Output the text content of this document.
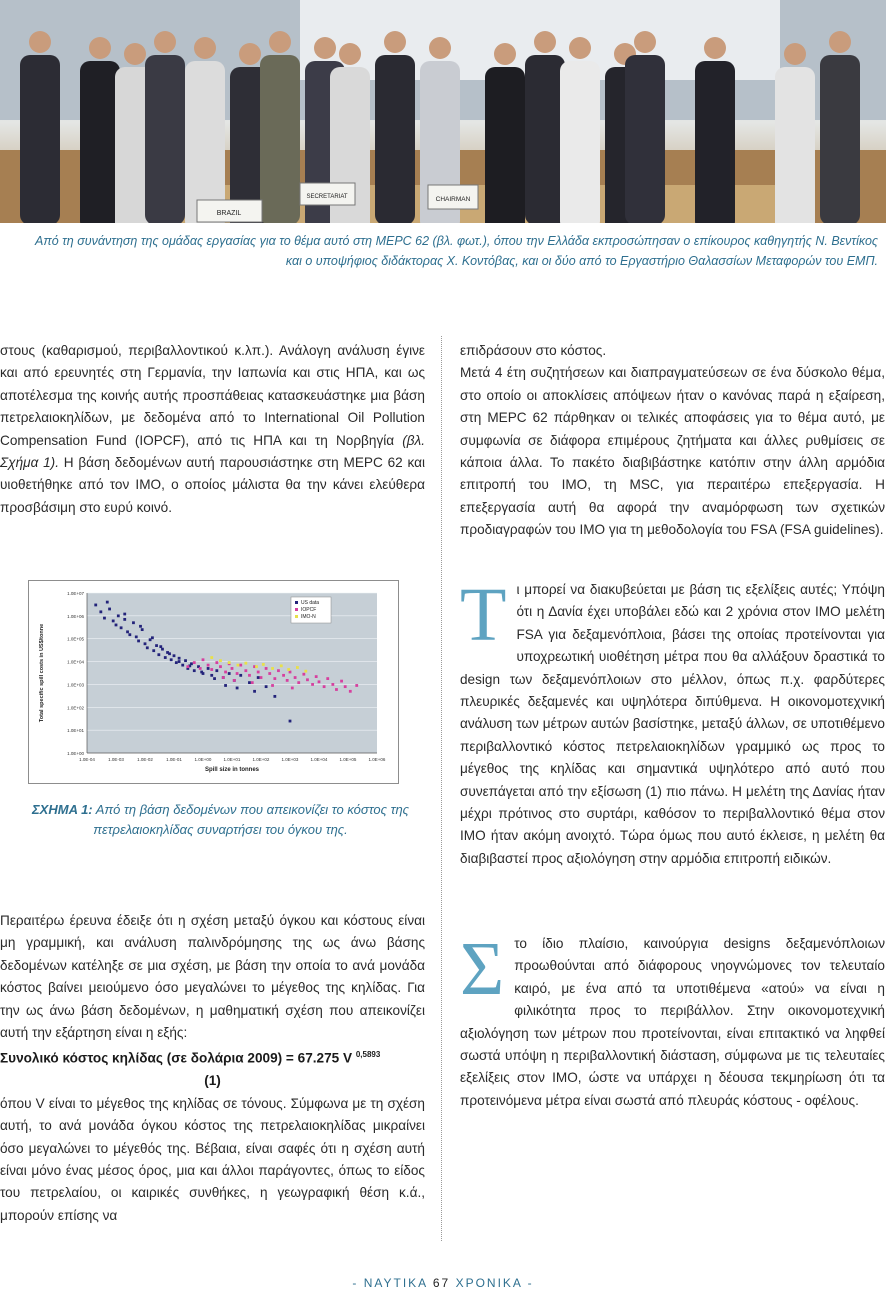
BRAZIL
SECRETARIAT	CHAIRMAN
Από τη συνάντηση της ομάδας εργασίας για το θέμα αυτό στη MEPC 62 (βλ. φωτ.), όπου την Ελλάδα εκπροσώπησαν ο επίκουρος καθηγητής Ν. Βεντίκος και ο υποψήφιος διδάκτορας Χ. Κοντόβας, και οι δύο από το Εργαστήριο Θαλασσίων Μεταφορών του ΕΜΠ.

στους (καθαρισμού, περιβαλλοντικού κ.λπ.). Ανάλογη ανάλυση έγινε και από ερευνητές στη Γερμανία, την Ιαπωνία και στις ΗΠΑ, και ως αποτέλεσμα της κοινής αυτής προσπάθειας κατασκευάστηκε μια βάση πετρελαιοκηλίδων, με δεδομένα από το International Oil Pollution Compensation Fund (IOPCF), από τις ΗΠΑ και τη Νορβηγία (βλ. Σχήμα 1). Η βάση δεδομένων αυτή παρουσιάστηκε στη MEPC 62 και υιοθετήθηκε από τον IMO, ο οποίος μάλιστα θα την κάνει ελεύθερα προσβάσιμη στο ευρύ κοινό.

1.0E+00
1.0E+01
1.0E+02
1.0E+03
1.0E+04
1.0E+05
1.0E+06
1.0E+07
1.0E-04	1.0E-03	1.0E-02	1.0E-01	1.0E+00	1.0E+01	1.0E+02	1.0E+03	1.0E+04	1.0E+05	1.0E+06
Spill size in tonnes
Total specific spill costs in US$/tonne
US data
IOPCF
IMO-N
ΣΧΗΜΑ 1: Από τη βάση δεδομένων που απεικονίζει το κόστος της πετρελαιοκηλίδας συναρτήσει του όγκου της.

Περαιτέρω έρευνα έδειξε ότι η σχέση μεταξύ όγκου και κόστους είναι μη γραμμική, και ανάλυση παλινδρόμησης της ως άνω βάσης δεδομένων κατέληξε σε μια σχέση, με βάση την οποία το ανά μονάδα κόστος βαίνει μειούμενο όσο μεγαλώνει το μέγεθος της κηλίδας. Για την ως άνω βάση δεδομένων, η μαθηματική σχέση που απεικονίζει αυτή την εξάρτηση είναι η εξής:

Συνολικό κόστος κηλίδας (σε δολάρια 2009) = 67.275 V $^{0,5893}$

(1)

όπου V είναι το μέγεθος της κηλίδας σε τόνους. Σύμφωνα με τη σχέση αυτή, το ανά μονάδα όγκου κόστος της πετρελαιοκηλίδας μικραίνει όσο μεγαλώνει το μέγεθός της. Βέβαια, είναι σαφές ότι η σχέση αυτή είναι μόνο ένας μέσος όρος, μια και άλλοι παράγοντες, όπως το είδος του πετρελαίου, οι καιρικές συνθήκες, η γεωγραφική θέση κ.ά., μπορούν επίσης να

επιδράσουν στο κόστος.

Μετά 4 έτη συζητήσεων και διαπραγματεύσεων σε ένα δύσκολο θέμα, στο οποίο οι αποκλίσεις απόψεων ήταν ο κανόνας παρά η εξαίρεση, στη MEPC 62 πάρθηκαν οι τελικές αποφάσεις για το θέμα αυτό, με συμφωνία σε διάφορα επιμέρους ζητήματα και άλλες ρυθμίσεις σε κάποια άλλα. Το πακέτο διαβιβάστηκε κατόπιν στην άλλη αρμόδια επιτροπή του IMO, τη MSC, για περαιτέρω επεξεργασία. Η επεξεργασία αυτή θα αφορά την αναμόρφωση των σχετικών προδιαγραφών του IMO για τη μεθοδολογία του FSA (FSA guidelines).

Τ ι μπορεί να διακυβεύεται με βάση τις εξελίξεις αυτές; Υπόψη ότι η Δανία έχει υποβάλει εδώ και 2 χρόνια στον IMO μελέτη FSA για δεξαμενόπλοια, βάσει της οποίας προτείνονται για υποχρεωτική υιοθέτηση μέτρα που θα αλλάξουν δραστικά το design των δεξαμενόπλοιων στο μέλλον, όπως π.χ. φαρδύτερες πλευρικές δεξαμενές και υψηλότερα διπύθμενα. Η οικονομοτεχνική ανάλυση των μέτρων αυτών βασίστηκε, μεταξύ άλλων, σε υποτιθέμενο περιβαλλοντικό κόστος πετρελαιοκηλίδων γραμμικό ως προς το μέγεθος της κηλίδας και σημαντικά υψηλότερο από αυτό που συνεπάγεται από την εξίσωση (1) πιο πάνω. Η μελέτη της Δανίας ήταν μέχρι πρότινος στο συρτάρι, καθόσον το περιβαλλοντικό θέμα στον IMO ήταν ακόμη ανοιχτό. Τώρα όμως που αυτό έκλεισε, η μελέτη θα διαβιβαστεί προς αξιολόγηση στην αρμόδια επιτροπή ειδικών.

Σ το ίδιο πλαίσιο, καινούργια designs δεξαμενόπλοιων προωθούνται από διάφορους νηογνώμονες τον τελευταίο καιρό, με ένα από τα υποτιθέμενα «ατού» να είναι η φιλικότητα προς το περιβάλλον. Στην οικονομοτεχνική αξιολόγηση των μέτρων που προτείνονται, είναι επιτακτικό να ληφθεί σωστά υπόψη η περιβαλλοντική διάσταση, σύμφωνα με τις τελευταίες εξελίξεις στον IMO, ώστε να υπάρχει η δέουσα τεκμηρίωση ότι τα προτεινόμενα μέτρα είναι σωστά από πλευράς κόστους - οφέλους.

- ΝΑΥΤΙΚΑ 67 ΧΡΟΝΙΚΑ -
